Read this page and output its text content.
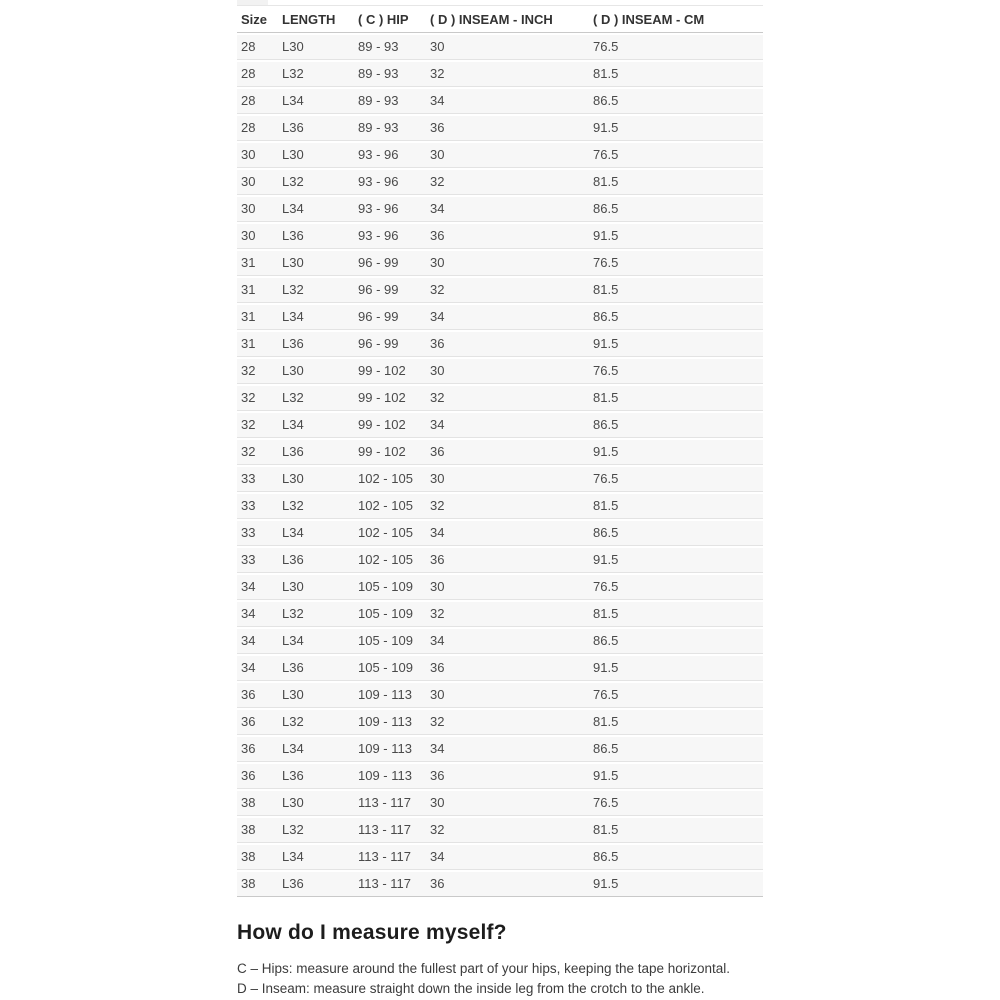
Size	LENGTH	( C ) HIP	( D ) INSEAM - INCH	( D ) INSEAM - CM
28	L30	89 - 93	30	76.5
28	L32	89 - 93	32	81.5
28	L34	89 - 93	34	86.5
28	L36	89 - 93	36	91.5
30	L30	93 - 96	30	76.5
30	L32	93 - 96	32	81.5
30	L34	93 - 96	34	86.5
30	L36	93 - 96	36	91.5
31	L30	96 - 99	30	76.5
31	L32	96 - 99	32	81.5
31	L34	96 - 99	34	86.5
31	L36	96 - 99	36	91.5
32	L30	99 - 102	30	76.5
32	L32	99 - 102	32	81.5
32	L34	99 - 102	34	86.5
32	L36	99 - 102	36	91.5
33	L30	102 - 105	30	76.5
33	L32	102 - 105	32	81.5
33	L34	102 - 105	34	86.5
33	L36	102 - 105	36	91.5
34	L30	105 - 109	30	76.5
34	L32	105 - 109	32	81.5
34	L34	105 - 109	34	86.5
34	L36	105 - 109	36	91.5
36	L30	109 - 113	30	76.5
36	L32	109 - 113	32	81.5
36	L34	109 - 113	34	86.5
36	L36	109 - 113	36	91.5
38	L30	113 - 117	30	76.5
38	L32	113 - 117	32	81.5
38	L34	113 - 117	34	86.5
38	L36	113 - 117	36	91.5
How do I measure myself?

C – Hips: measure around the fullest part of your hips, keeping the tape horizontal.

D – Inseam: measure straight down the inside leg from the crotch to the ankle.
